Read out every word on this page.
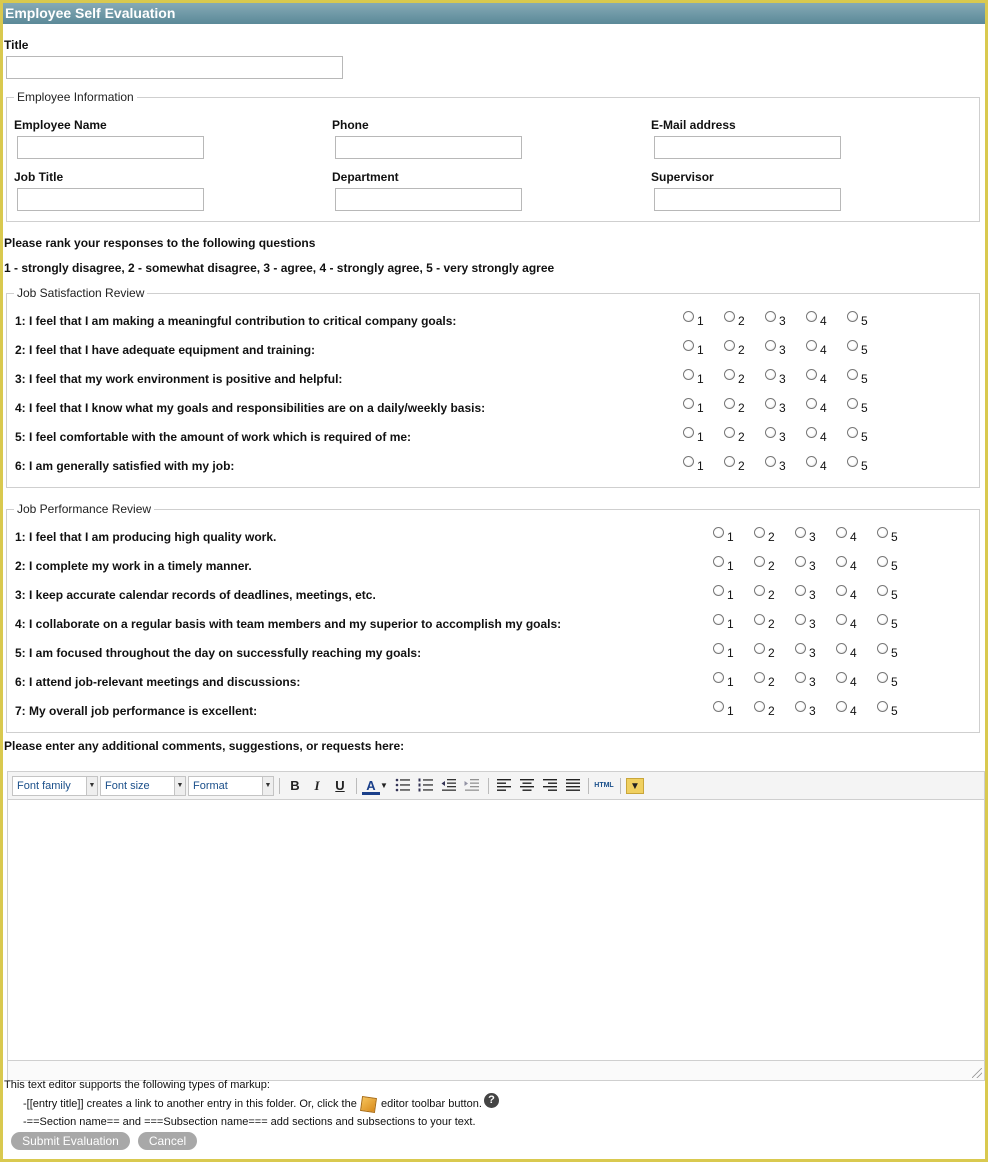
Employee Self Evaluation
Title
Employee Information
Employee Name	Phone	E-Mail address
Job Title	Department	Supervisor
Please rank your responses to the following questions
1 - strongly disagree, 2 - somewhat disagree, 3 - agree, 4 - strongly agree, 5 - very strongly agree
Job Satisfaction Review
1: I feel that I am making a meaningful contribution to critical company goals:	1	2	3	4	5
2: I feel that I have adequate equipment and training:	1	2	3	4	5
3: I feel that my work environment is positive and helpful:	1	2	3	4	5
4: I feel that I know what my goals and responsibilities are on a daily/weekly basis:	1	2	3	4	5
5: I feel comfortable with the amount of work which is required of me:	1	2	3	4	5
6: I am generally satisfied with my job:	1	2	3	4	5
Job Performance Review
1: I feel that I am producing high quality work.	1	2	3	4	5
2: I complete my work in a timely manner.	1	2	3	4	5
3: I keep accurate calendar records of deadlines, meetings, etc.	1	2	3	4	5
4: I collaborate on a regular basis with team members and my superior to accomplish my goals:	1	2	3	4	5
5: I am focused throughout the day on successfully reaching my goals:	1	2	3	4	5
6: I attend job-relevant meetings and discussions:	1	2	3	4	5
7: My overall job performance is excellent:	1	2	3	4	5
Please enter any additional comments, suggestions, or requests here:
Font family	▼ Font size	▼ Format	▼	B	I	U	A ▼	HTML	▼
This text editor supports the following types of markup:
-[[entry title]] creates a link to another entry in this folder. Or, click the editor toolbar button. ?
-==Section name== and ===Subsection name=== add sections and subsections to your text.
Submit Evaluation	Cancel
